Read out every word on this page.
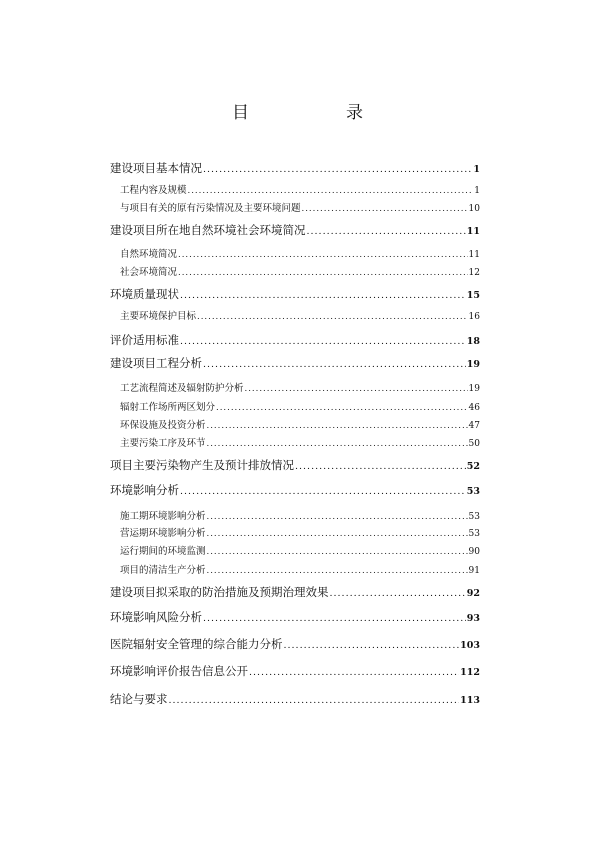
目　录
建设项目基本情况 .....	1
工程内容及规模 .....	1
与项目有关的原有污染情况及主要环境问题 .....	10
建设项目所在地自然环境社会环境简况 .....	11
自然环境简况 .....	11
社会环境简况 .....	12
环境质量现状 .....	15
主要环境保护目标 .....	16
评价适用标准 .....	18
建设项目工程分析 .....	19
工艺流程简述及辐射防护分析 .....	19
辐射工作场所两区划分 .....	46
环保设施及投资分析 .....	47
主要污染工序及环节 .....	50
项目主要污染物产生及预计排放情况 .....	52
环境影响分析 .....	53
施工期环境影响分析 .....	53
营运期环境影响分析 .....	53
运行期间的环境监测 .....	90
项目的清洁生产分析 .....	91
建设项目拟采取的防治措施及预期治理效果 .....	92
环境影响风险分析 .....	93
医院辐射安全管理的综合能力分析 .....	103
环境影响评价报告信息公开 .....	112
结论与要求 .....	113
